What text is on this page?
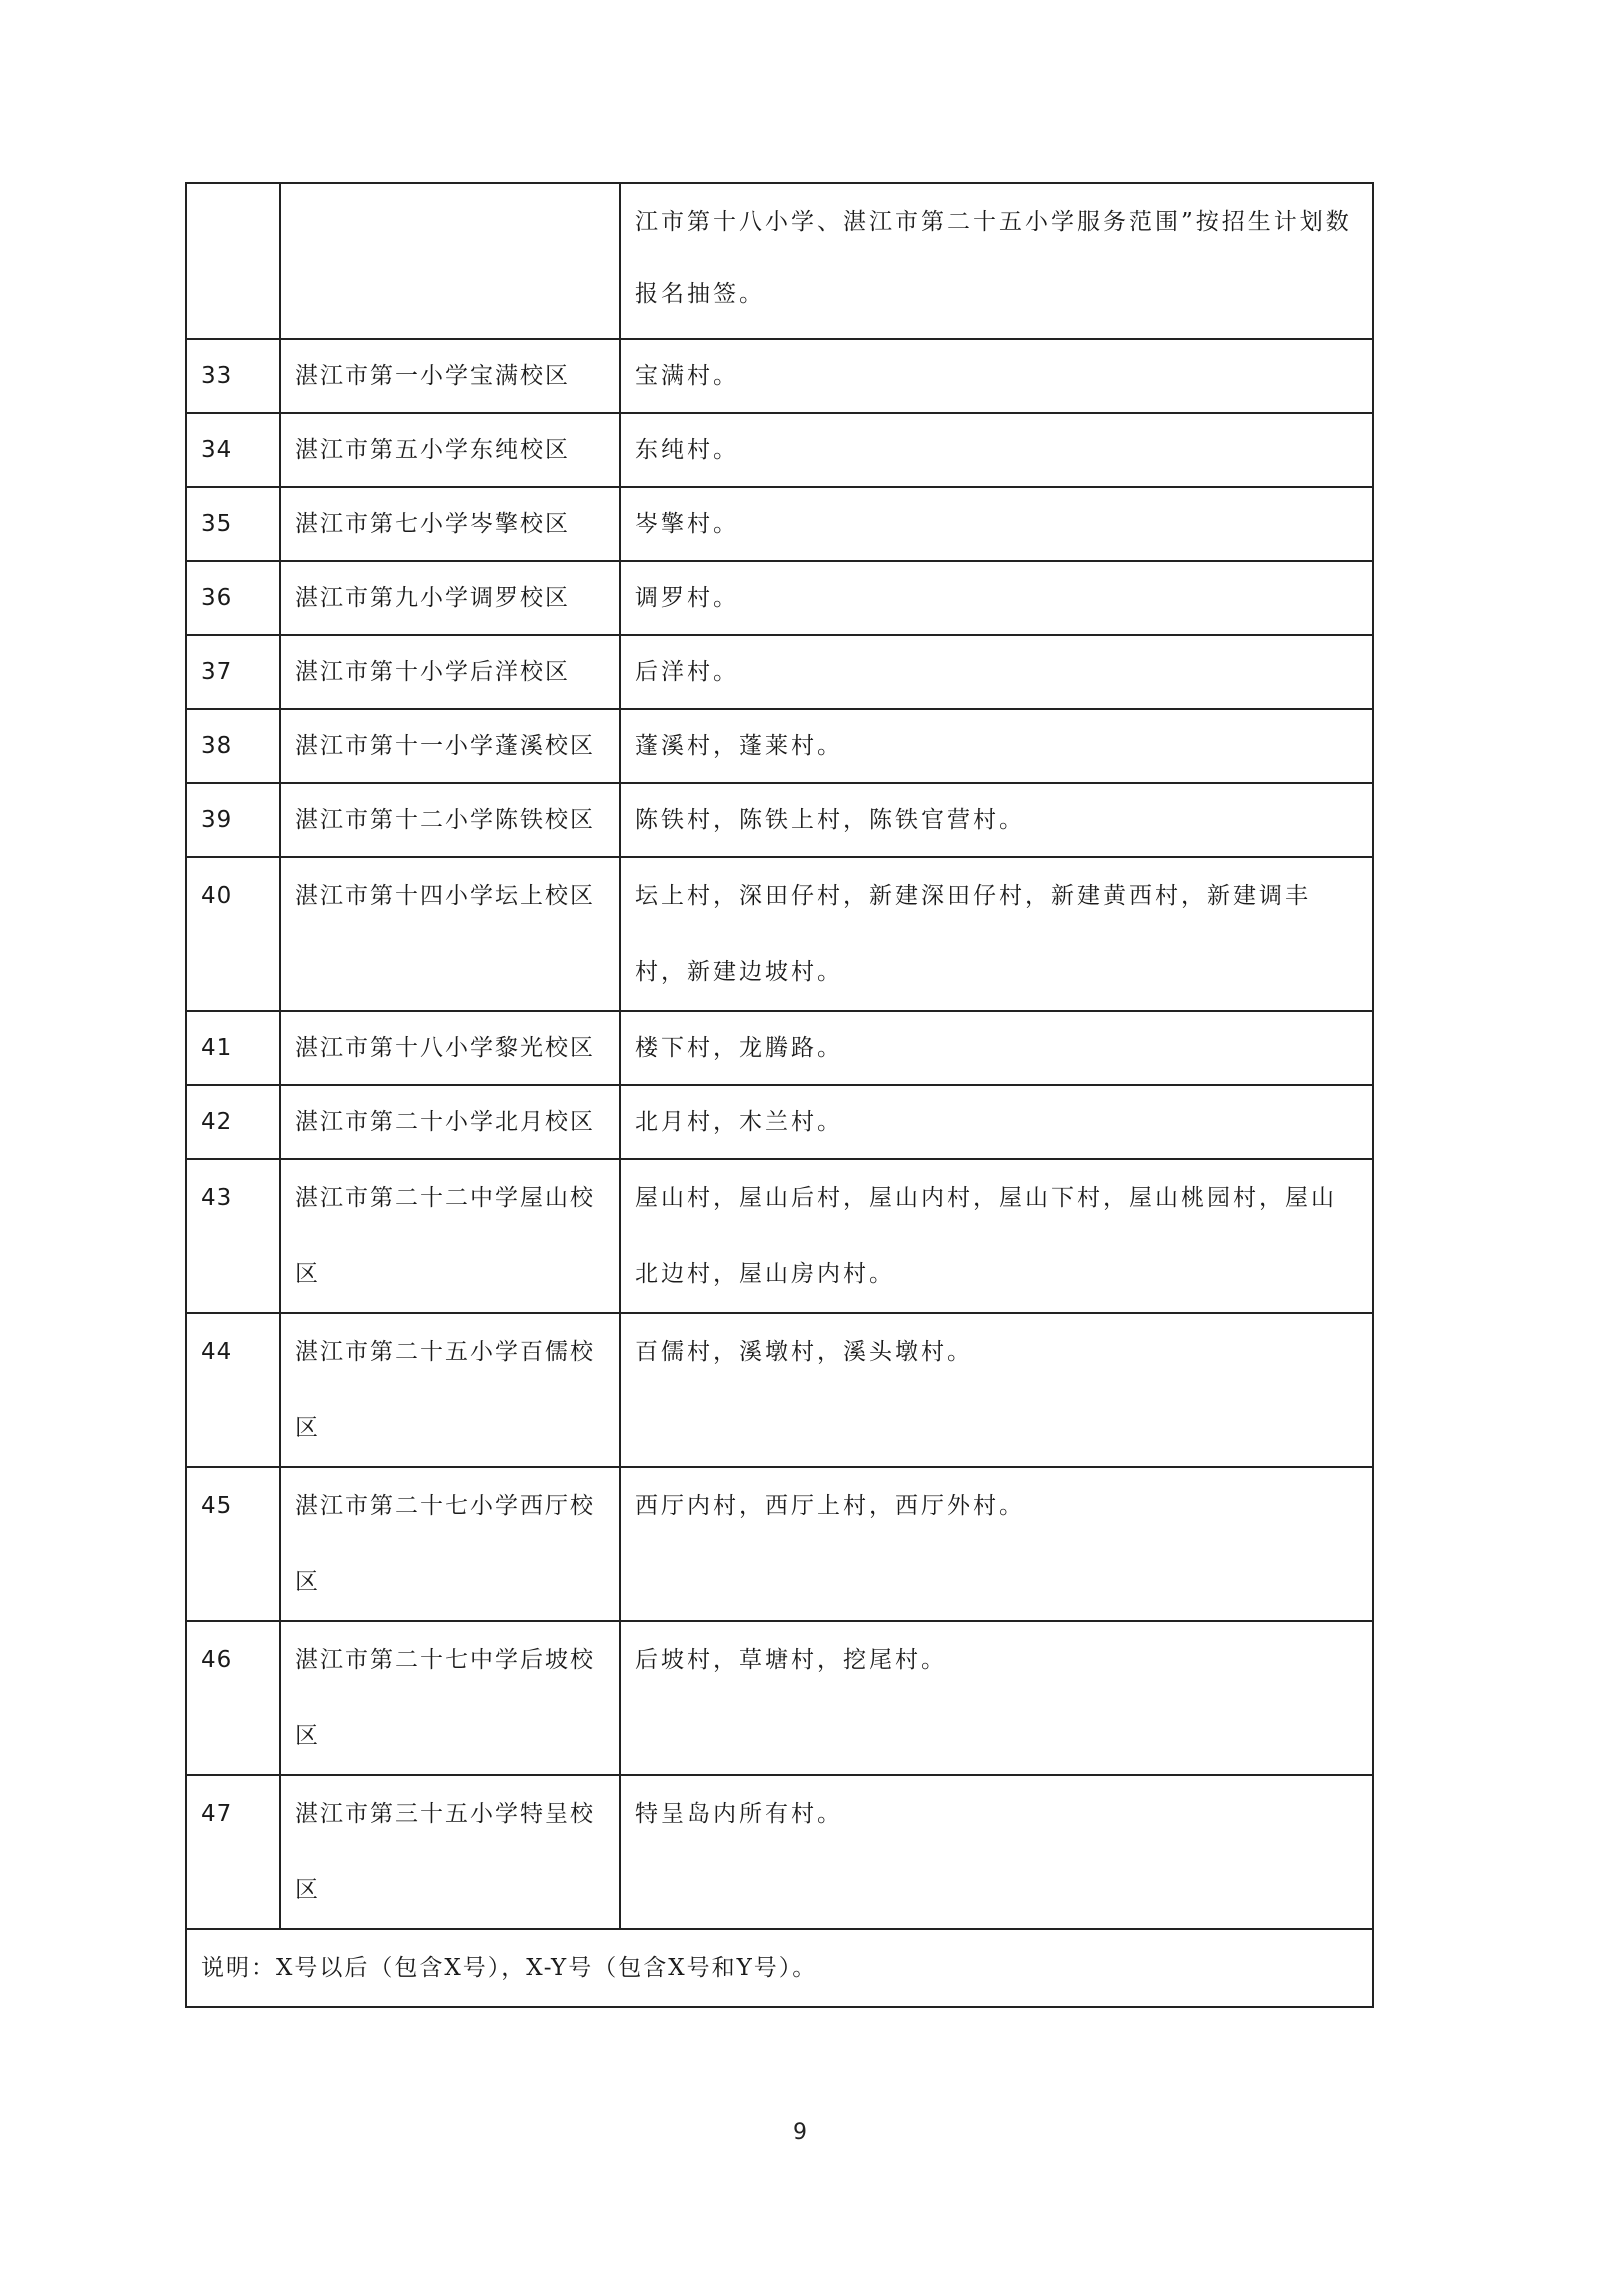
		江市第十八小学、湛江市第二十五小学服务范围”按招生计划数报名抽签。
33	湛江市第一小学宝满校区	宝满村。
34	湛江市第五小学东纯校区	东纯村。
35	湛江市第七小学岑擎校区	岑擎村。
36	湛江市第九小学调罗校区	调罗村。
37	湛江市第十小学后洋校区	后洋村。
38	湛江市第十一小学蓬溪校区	蓬溪村，蓬莱村。
39	湛江市第十二小学陈铁校区	陈铁村，陈铁上村，陈铁官营村。
40	湛江市第十四小学坛上校区	坛上村，深田仔村，新建深田仔村，新建黄西村，新建调丰村，新建边坡村。
41	湛江市第十八小学黎光校区	楼下村，龙腾路。
42	湛江市第二十小学北月校区	北月村，木兰村。
43	湛江市第二十二中学屋山校区	屋山村，屋山后村，屋山内村，屋山下村，屋山桃园村，屋山北边村，屋山房内村。
44	湛江市第二十五小学百儒校区	百儒村，溪墩村，溪头墩村。
45	湛江市第二十七小学西厅校区	西厅内村，西厅上村，西厅外村。
46	湛江市第二十七中学后坡校区	后坡村，草塘村，挖尾村。
47	湛江市第三十五小学特呈校区	特呈岛内所有村。
说明：X号以后（包含X号），X-Y号（包含X号和Y号）。		
9
